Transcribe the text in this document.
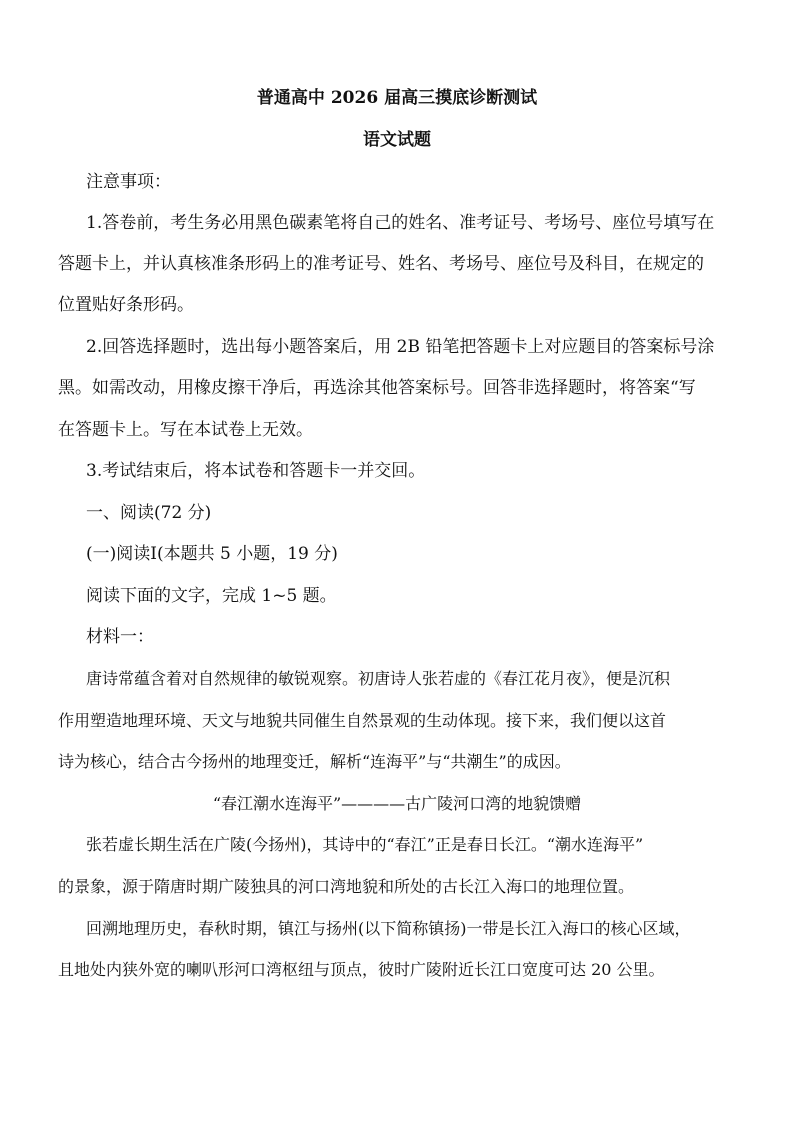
普通高中 2026 届高三摸底诊断测试
语文试题
注意事项：
1.答卷前，考生务必用黑色碳素笔将自己的姓名、准考证号、考场号、座位号填写在
答题卡上，并认真核准条形码上的准考证号、姓名、考场号、座位号及科目，在规定的
位置贴好条形码。
2.回答选择题时，选出每小题答案后，用 2B 铅笔把答题卡上对应题目的答案标号涂
黑。如需改动，用橡皮擦干净后，再选涂其他答案标号。回答非选择题时，将答案“写
在答题卡上。写在本试卷上无效。
3.考试结束后，将本试卷和答题卡一并交回。
一、阅读(72 分)
(一)阅读Ⅰ(本题共 5 小题，19 分)
阅读下面的文字，完成 1~5 题。
材料一：
唐诗常蕴含着对自然规律的敏锐观察。初唐诗人张若虚的《春江花月夜》，便是沉积
作用塑造地理环境、天文与地貌共同催生自然景观的生动体现。接下来，我们便以这首
诗为核心，结合古今扬州的地理变迁，解析“连海平”与“共潮生”的成因。
“春江潮水连海平”————古广陵河口湾的地貌馈赠
张若虚长期生活在广陵(今扬州)，其诗中的“春江”正是春日长江。“潮水连海平”
的景象，源于隋唐时期广陵独具的河口湾地貌和所处的古长江入海口的地理位置。
回溯地理历史，春秋时期，镇江与扬州(以下简称镇扬)一带是长江入海口的核心区域，
且地处内狭外宽的喇叭形河口湾枢纽与顶点，彼时广陵附近长江口宽度可达 20 公里。
